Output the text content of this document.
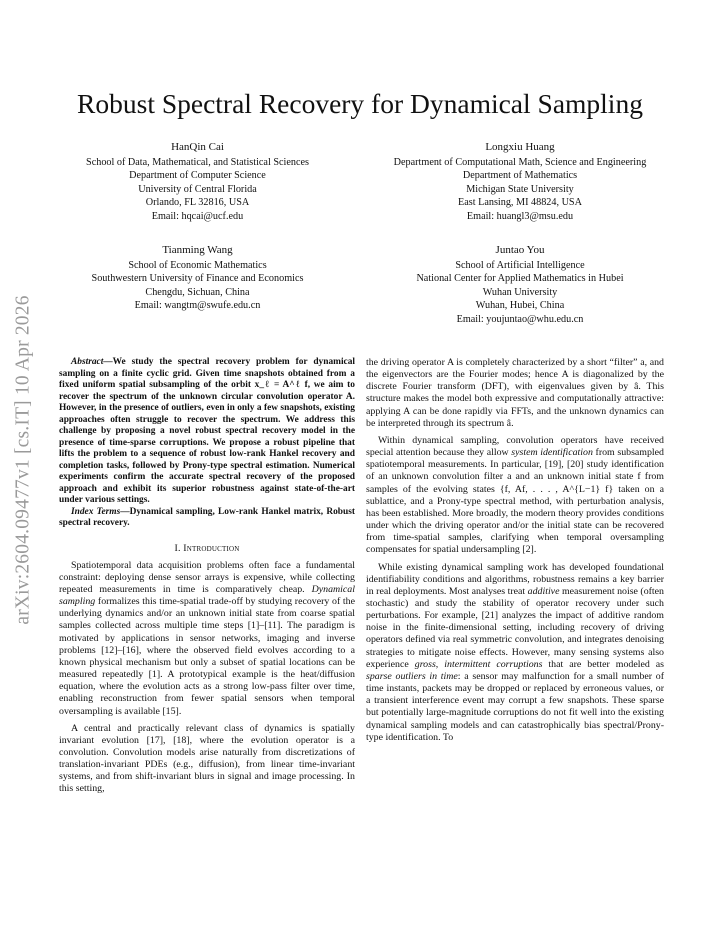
arXiv:2604.09477v1 [cs.IT] 10 Apr 2026
Robust Spectral Recovery for Dynamical Sampling
HanQin Cai
School of Data, Mathematical, and Statistical Sciences
Department of Computer Science
University of Central Florida
Orlando, FL 32816, USA
Email: hqcai@ucf.edu
Longxiu Huang
Department of Computational Math, Science and Engineering
Department of Mathematics
Michigan State University
East Lansing, MI 48824, USA
Email: huangl3@msu.edu
Tianming Wang
School of Economic Mathematics
Southwestern University of Finance and Economics
Chengdu, Sichuan, China
Email: wangtm@swufe.edu.cn
Juntao You
School of Artificial Intelligence
National Center for Applied Mathematics in Hubei
Wuhan University
Wuhan, Hubei, China
Email: youjuntao@whu.edu.cn

Abstract—We study the spectral recovery problem for dynamical sampling on a finite cyclic grid. Given time snapshots obtained from a fixed uniform spatial subsampling of the orbit x_ℓ = A^ℓ f, we aim to recover the spectrum of the unknown circular convolution operator A. However, in the presence of outliers, even in only a few snapshots, existing approaches often struggle to recover the spectrum. We address this challenge by proposing a novel robust spectral recovery model in the presence of time-sparse corruptions. We propose a robust pipeline that lifts the problem to a sequence of robust low-rank Hankel recovery and completion tasks, followed by Prony-type spectral estimation. Numerical experiments confirm the accurate spectral recovery of the proposed approach and exhibit its superior robustness against state-of-the-art under various settings.

Index Terms—Dynamical sampling, Low-rank Hankel matrix, Robust spectral recovery.

I. Introduction

Spatiotemporal data acquisition problems often face a fundamental constraint: deploying dense sensor arrays is expensive, while collecting repeated measurements in time is comparatively cheap. Dynamical sampling formalizes this time-spatial trade-off by studying recovery of the underlying dynamics and/or an unknown initial state from coarse spatial samples collected across multiple time steps [1]–[11]. The paradigm is motivated by applications in sensor networks, imaging and inverse problems [12]–[16], where the observed field evolves according to a known physical mechanism but only a subset of spatial locations can be measured repeatedly [1]. A prototypical example is the heat/diffusion equation, where the evolution acts as a strong low-pass filter over time, enabling reconstruction from fewer spatial sensors when temporal oversampling is available [15].

A central and practically relevant class of dynamics is spatially invariant evolution [17], [18], where the evolution operator is a convolution. Convolution models arise naturally from discretizations of translation-invariant PDEs (e.g., diffusion), from linear time-invariant systems, and from shift-invariant blurs in signal and image processing. In this setting,

the driving operator A is completely characterized by a short “filter” a, and the eigenvectors are the Fourier modes; hence A is diagonalized by the discrete Fourier transform (DFT), with eigenvalues given by â. This structure makes the model both expressive and computationally attractive: applying A can be done rapidly via FFTs, and the unknown dynamics can be interpreted through its spectrum â.

Within dynamical sampling, convolution operators have received special attention because they allow system identification from subsampled spatiotemporal measurements. In particular, [19], [20] study identification of an unknown convolution filter a and an unknown initial state f from samples of the evolving states {f, Af, . . . , A^{L−1} f} taken on a sublattice, and a Prony-type spectral method, with perturbation analysis, has been established. More broadly, the modern theory provides conditions under which the driving operator and/or the initial state can be recovered from time-spatial samples, clarifying when temporal oversampling compensates for spatial undersampling [2].

While existing dynamical sampling work has developed foundational identifiability conditions and algorithms, robustness remains a key barrier in real deployments. Most analyses treat additive measurement noise (often stochastic) and study the stability of operator recovery under such perturbations. For example, [21] analyzes the impact of additive random noise in the finite-dimensional setting, including recovery of driving operators defined via real symmetric convolution, and integrates denoising strategies to mitigate noise effects. However, many sensing systems also experience gross, intermittent corruptions that are better modeled as sparse outliers in time: a sensor may malfunction for a small number of time instants, packets may be dropped or replaced by erroneous values, or a transient interference event may corrupt a few snapshots. These sparse but potentially large-magnitude corruptions do not fit well into the existing dynamical sampling models and can catastrophically bias spectral/Prony-type identification. To
